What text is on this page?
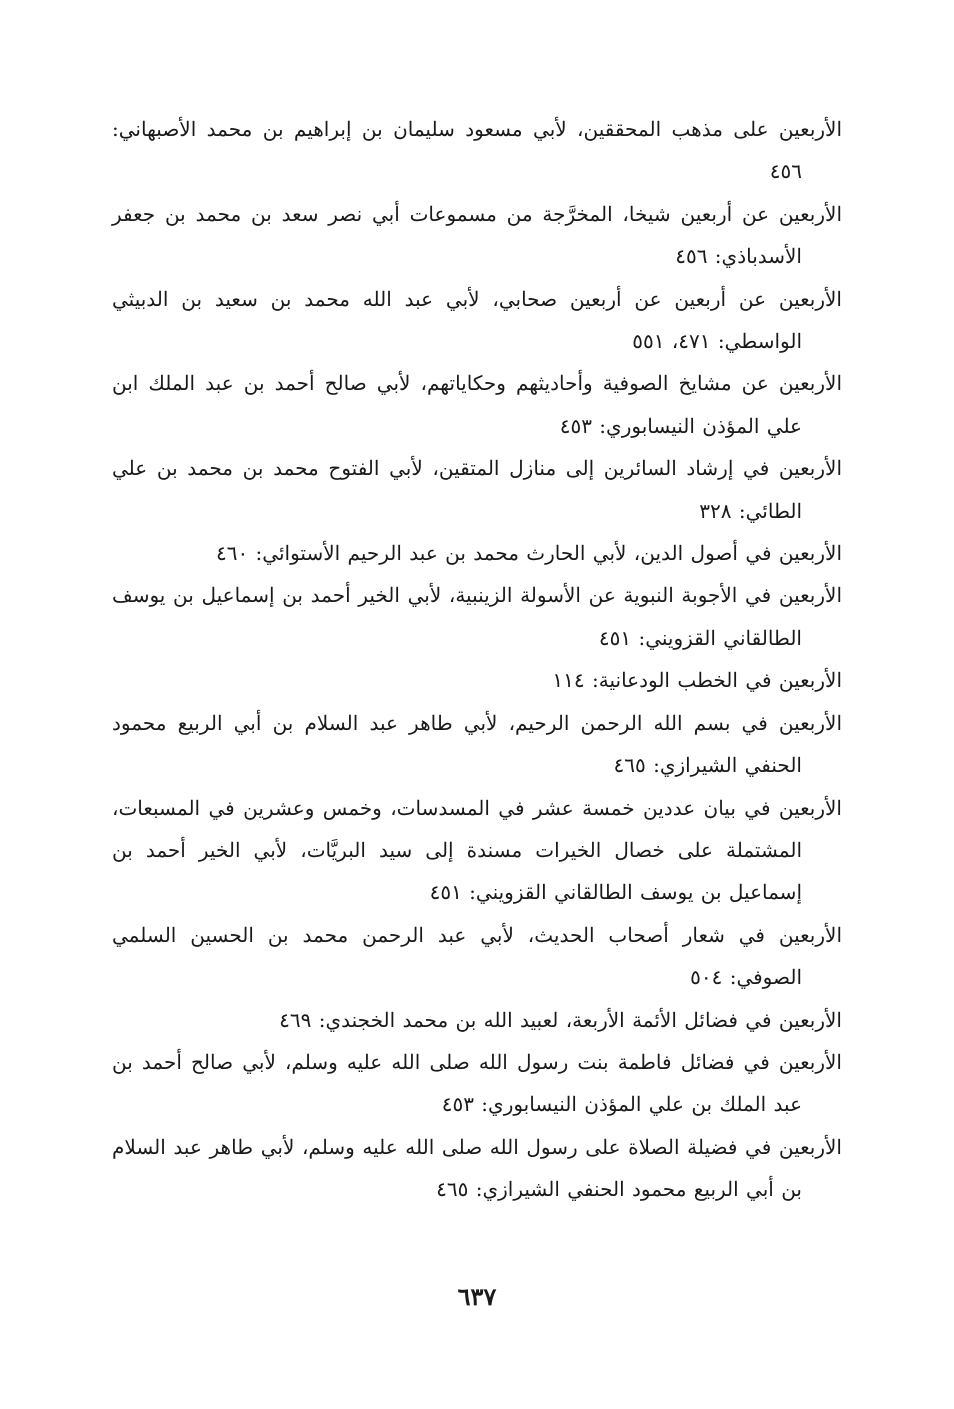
الأربعين على مذهب المحققين، لأبي مسعود سليمان بن إبراهيم بن محمد الأصبهاني: ٤٥٦

الأربعين عن أربعين شيخا، المخرَّجة من مسموعات أبي نصر سعد بن محمد بن جعفر الأسدباذي: ٤٥٦

الأربعين عن أربعين عن أربعين صحابي، لأبي عبد الله محمد بن سعيد بن الدبيثي الواسطي: ٤٧١، ٥٥١

الأربعين عن مشايخ الصوفية وأحاديثهم وحكاياتهم، لأبي صالح أحمد بن عبد الملك ابن علي المؤذن النيسابوري: ٤٥٣

الأربعين في إرشاد السائرين إلى منازل المتقين، لأبي الفتوح محمد بن محمد بن علي الطائي: ٣٢٨

الأربعين في أصول الدين، لأبي الحارث محمد بن عبد الرحيم الأستوائي: ٤٦٠

الأربعين في الأجوبة النبوية عن الأسولة الزينبية، لأبي الخير أحمد بن إسماعيل بن يوسف الطالقاني القزويني: ٤٥١

الأربعين في الخطب الودعانية: ١١٤

الأربعين في بسم الله الرحمن الرحيم، لأبي طاهر عبد السلام بن أبي الربيع محمود الحنفي الشيرازي: ٤٦٥

الأربعين في بيان عددين خمسة عشر في المسدسات، وخمس وعشرين في المسبعات، المشتملة على خصال الخيرات مسندة إلى سيد البريَّات، لأبي الخير أحمد بن إسماعيل بن يوسف الطالقاني القزويني: ٤٥١

الأربعين في شعار أصحاب الحديث، لأبي عبد الرحمن محمد بن الحسين السلمي الصوفي: ٥٠٤

الأربعين في فضائل الأئمة الأربعة، لعبيد الله بن محمد الخجندي: ٤٦٩

الأربعين في فضائل فاطمة بنت رسول الله صلى الله عليه وسلم، لأبي صالح أحمد بن عبد الملك بن علي المؤذن النيسابوري: ٤٥٣

الأربعين في فضيلة الصلاة على رسول الله صلى الله عليه وسلم، لأبي طاهر عبد السلام بن أبي الربيع محمود الحنفي الشيرازي: ٤٦٥

٦٣٧
